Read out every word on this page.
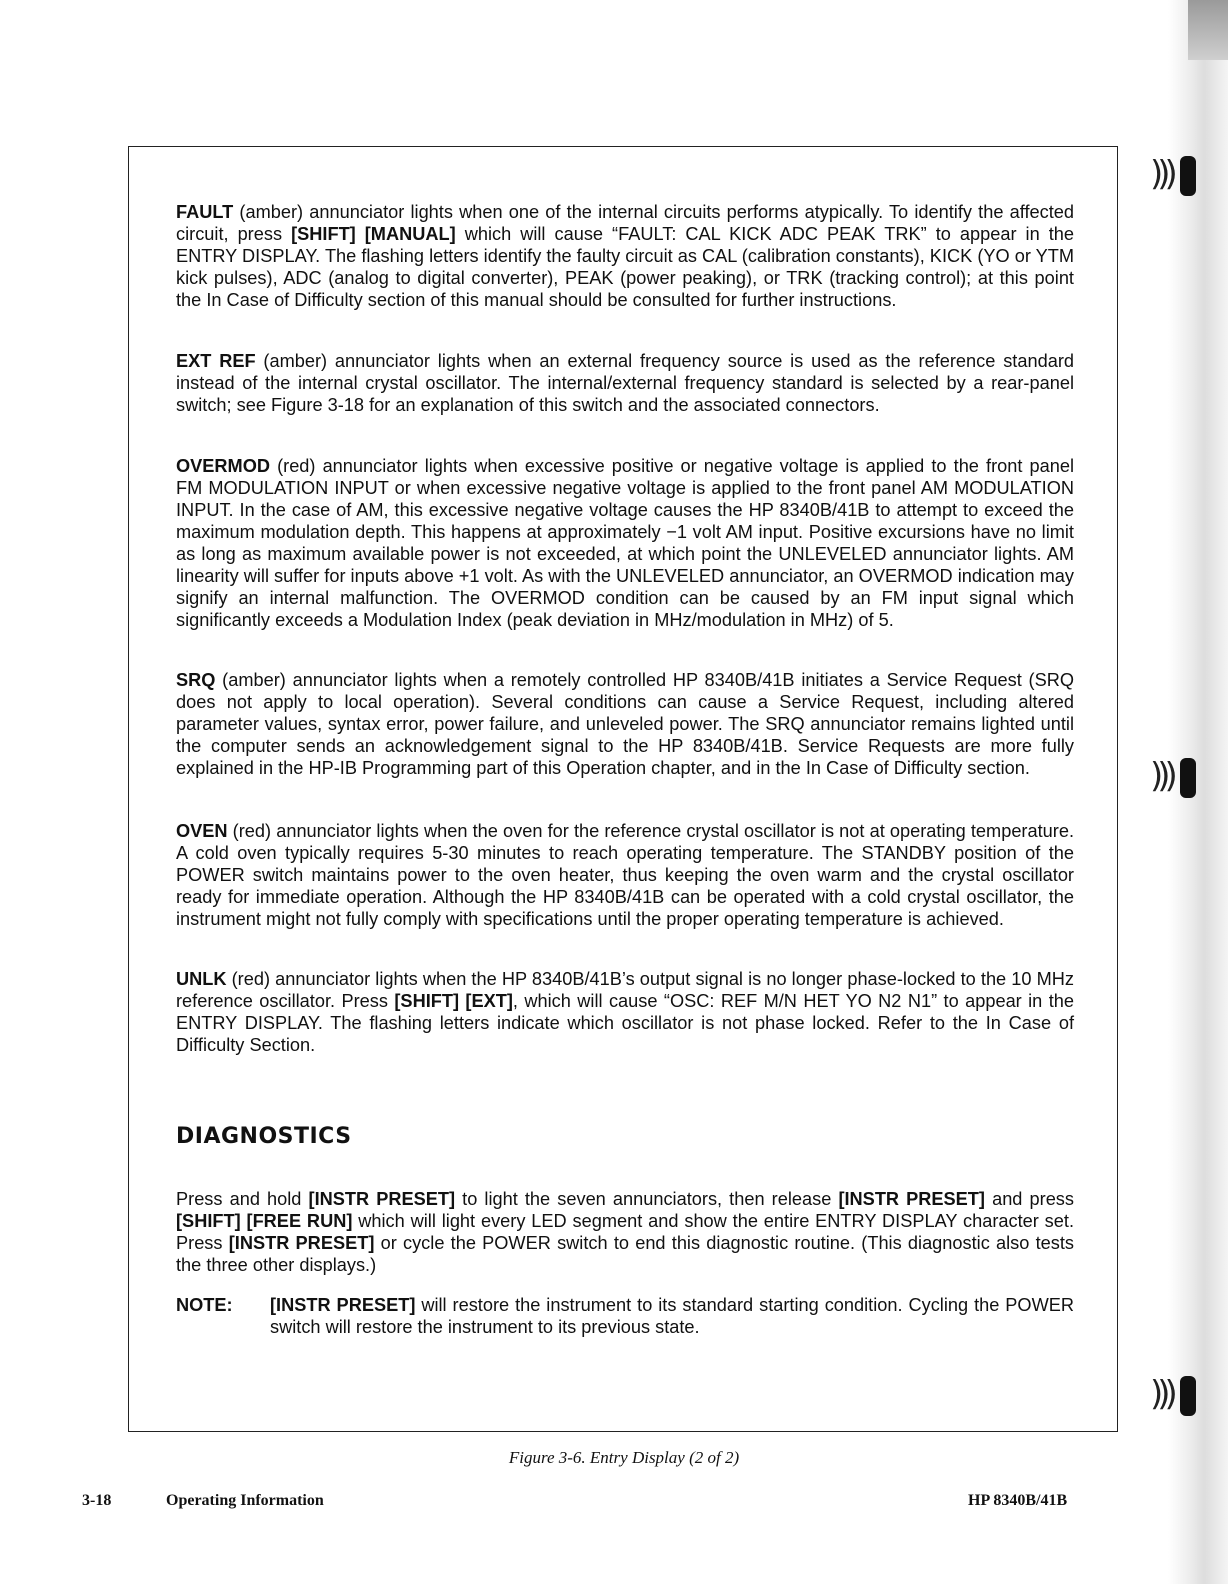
)))
)))
)))

FAULT (amber) annunciator lights when one of the internal circuits performs atypically. To identify the affected circuit, press [SHIFT] [MANUAL] which will cause “FAULT: CAL KICK ADC PEAK TRK” to appear in the ENTRY DISPLAY. The flashing letters identify the faulty circuit as CAL (calibration constants), KICK (YO or YTM kick pulses), ADC (analog to digital converter), PEAK (power peaking), or TRK (tracking control); at this point the In Case of Difficulty section of this manual should be consulted for further instructions.

EXT REF (amber) annunciator lights when an external frequency source is used as the reference standard instead of the internal crystal oscillator. The internal/external frequency standard is selected by a rear-panel switch; see Figure 3-18 for an explanation of this switch and the associated connectors.

OVERMOD (red) annunciator lights when excessive positive or negative voltage is applied to the front panel FM MODULATION INPUT or when excessive negative voltage is applied to the front panel AM MODULATION INPUT. In the case of AM, this excessive negative voltage causes the HP 8340B/41B to attempt to exceed the maximum modulation depth. This happens at approximately −1 volt AM input. Positive excursions have no limit as long as maximum available power is not exceeded, at which point the UNLEVELED annunciator lights. AM linearity will suffer for inputs above +1 volt. As with the UNLEVELED annunciator, an OVERMOD indication may signify an internal malfunction. The OVERMOD condition can be caused by an FM input signal which significantly exceeds a Modulation Index (peak deviation in MHz/modulation in MHz) of 5.

SRQ (amber) annunciator lights when a remotely controlled HP 8340B/41B initiates a Service Request (SRQ does not apply to local operation). Several conditions can cause a Service Request, including altered parameter values, syntax error, power failure, and unleveled power. The SRQ annunciator remains lighted until the computer sends an acknowledgement signal to the HP 8340B/41B. Service Requests are more fully explained in the HP-IB Programming part of this Operation chapter, and in the In Case of Difficulty section.

OVEN (red) annunciator lights when the oven for the reference crystal oscillator is not at operating temperature. A cold oven typically requires 5-30 minutes to reach operating temperature. The STANDBY position of the POWER switch maintains power to the oven heater, thus keeping the oven warm and the crystal oscillator ready for immediate operation. Although the HP 8340B/41B can be operated with a cold crystal oscillator, the instrument might not fully comply with specifications until the proper operating temperature is achieved.

UNLK (red) annunciator lights when the HP 8340B/41B’s output signal is no longer phase-locked to the 10 MHz reference oscillator. Press [SHIFT] [EXT], which will cause “OSC: REF M/N HET YO N2 N1” to appear in the ENTRY DISPLAY. The flashing letters indicate which oscillator is not phase locked. Refer to the In Case of Difficulty Section.

DIAGNOSTICS

Press and hold [INSTR PRESET] to light the seven annunciators, then release [INSTR PRESET] and press [SHIFT] [FREE RUN] which will light every LED segment and show the entire ENTRY DISPLAY character set. Press [INSTR PRESET] or cycle the POWER switch to end this diagnostic routine. (This diagnostic also tests the three other displays.)

NOTE: [INSTR PRESET] will restore the instrument to its standard starting condition. Cycling the POWER switch will restore the instrument to its previous state.

Figure 3-6. Entry Display (2 of 2)
3-18	Operating Information	HP 8340B/41B
